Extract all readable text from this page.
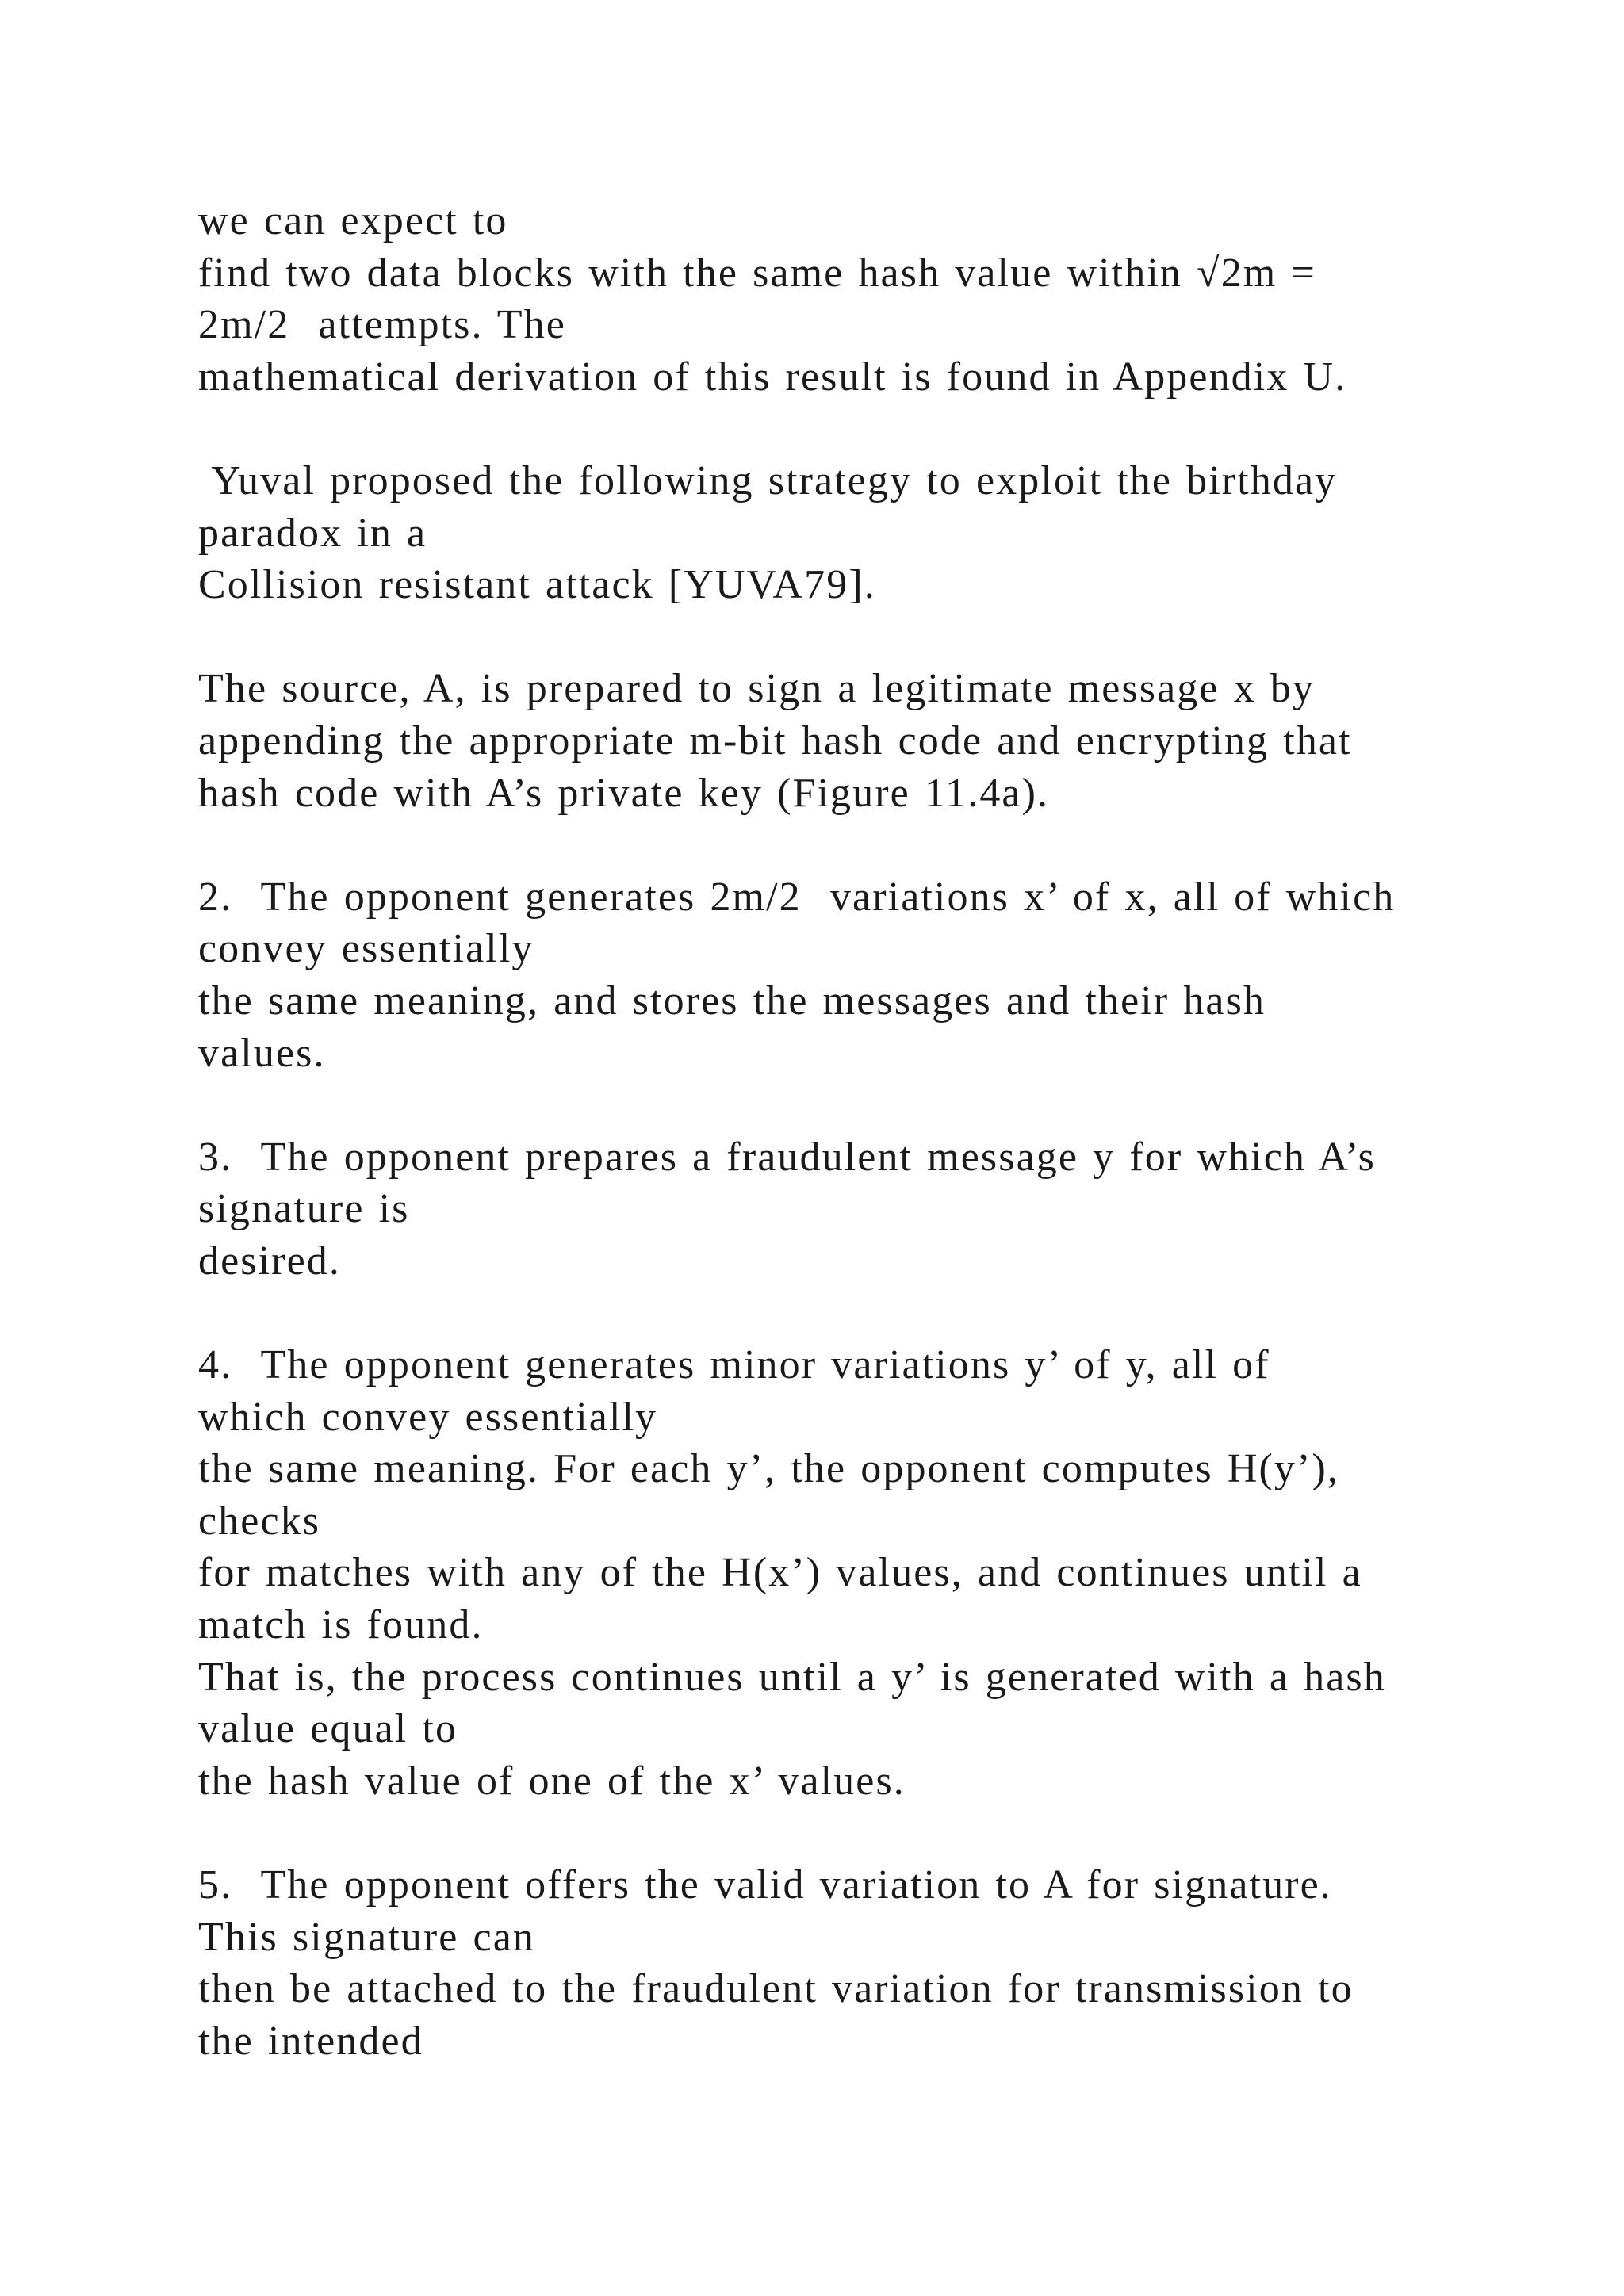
we can expect to
find two data blocks with the same hash value within √2m =
2m/2  attempts. The
mathematical derivation of this result is found in Appendix U.
Yuval proposed the following strategy to exploit the birthday
paradox in a
Collision resistant attack [YUVA79].
The source, A, is prepared to sign a legitimate message x by
appending the appropriate m-bit hash code and encrypting that
hash code with A’s private key (Figure 11.4a).
2.  The opponent generates 2m/2  variations x’ of x, all of which
convey essentially
the same meaning, and stores the messages and their hash
values.
3.  The opponent prepares a fraudulent message y for which A’s
signature is
desired.
4.  The opponent generates minor variations y’ of y, all of
which convey essentially
the same meaning. For each y’, the opponent computes H(y’),
checks
for matches with any of the H(x’) values, and continues until a
match is found.
That is, the process continues until a y’ is generated with a hash
value equal to
the hash value of one of the x’ values.
5.  The opponent offers the valid variation to A for signature.
This signature can
then be attached to the fraudulent variation for transmission to
the intended
